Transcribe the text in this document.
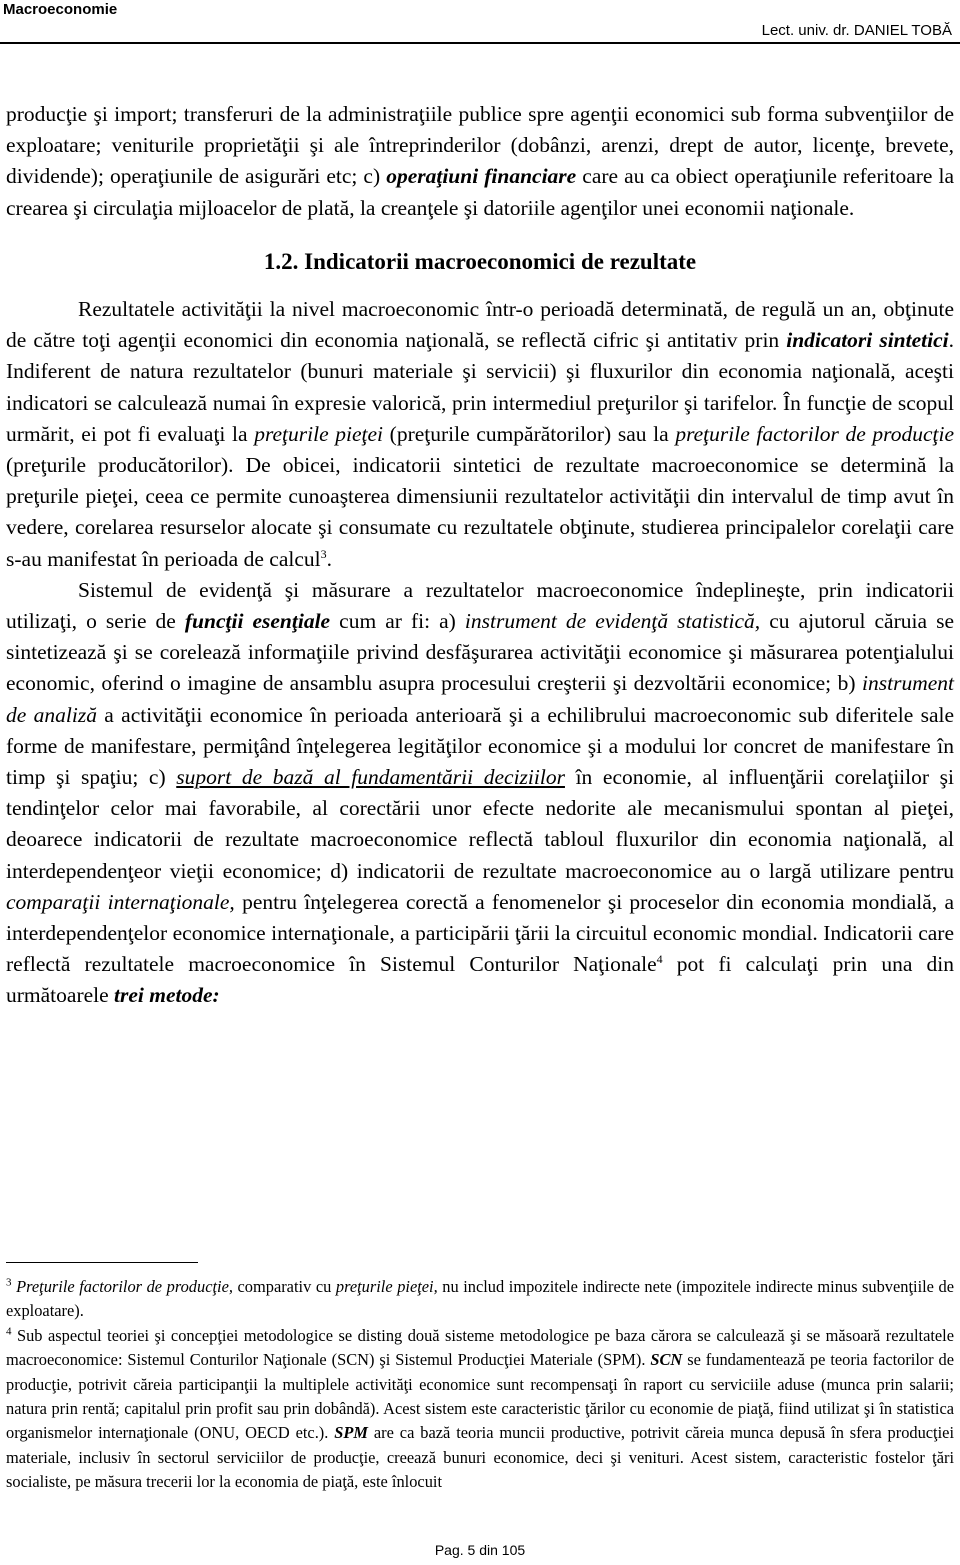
Macroeconomie
Lect. univ. dr. DANIEL TOBĂ

producţie şi import; transferuri de la administraţiile publice spre agenţii economici sub forma subvenţiilor de exploatare; veniturile proprietăţii şi ale întreprinderilor (dobânzi, arenzi, drept de autor, licenţe, brevete, dividende); operaţiunile de asigurări etc; c) operaţiuni financiare care au ca obiect operaţiunile referitoare la crearea şi circulaţia mijloacelor de plată, la creanţele şi datoriile agenţilor unei economii naţionale.

1.2. Indicatorii macroeconomici de rezultate

Rezultatele activităţii la nivel macroeconomic într-o perioadă determinată, de regulă un an, obţinute de către toţi agenţii economici din economia naţională, se reflectă cifric şi antitativ prin indicatori sintetici. Indiferent de natura rezultatelor (bunuri materiale şi servicii) şi fluxurilor din economia naţională, aceşti indicatori se calculează numai în expresie valorică, prin intermediul preţurilor şi tarifelor. În funcţie de scopul urmărit, ei pot fi evaluaţi la preţurile pieţei (preţurile cumpărătorilor) sau la preţurile factorilor de producţie (preţurile producătorilor). De obicei, indicatorii sintetici de rezultate macroeconomice se determină la preţurile pieţei, ceea ce permite cunoaşterea dimensiunii rezultatelor activităţii din intervalul de timp avut în vedere, corelarea resurselor alocate şi consumate cu rezultatele obţinute, studierea principalelor corelaţii care s-au manifestat în perioada de calcul$^3$.

Sistemul de evidenţă şi măsurare a rezultatelor macroeconomice îndeplineşte, prin indicatorii utilizaţi, o serie de funcţii esenţiale cum ar fi: a) instrument de evidenţă statistică, cu ajutorul căruia se sintetizează şi se corelează informaţiile privind desfăşurarea activităţii economice şi măsurarea potenţialului economic, oferind o imagine de ansamblu asupra procesului creşterii şi dezvoltării economice; b) instrument de analiză a activităţii economice în perioada anterioară şi a echilibrului macroeconomic sub diferitele sale forme de manifestare, permiţând înţelegerea legităţilor economice şi a modului lor concret de manifestare în timp şi spaţiu; c) suport de bază al fundamentării deciziilor în economie, al influenţării corelaţiilor şi tendinţelor celor mai favorabile, al corectării unor efecte nedorite ale mecanismului spontan al pieţei, deoarece indicatorii de rezultate macroeconomice reflectă tabloul fluxurilor din economia naţională, al interdependenţeor vieţii economice; d) indicatorii de rezultate macroeconomice au o largă utilizare pentru comparaţii internaţionale, pentru înţelegerea corectă a fenomenelor şi proceselor din economia mondială, a interdependenţelor economice internaţionale, a participării ţării la circuitul economic mondial. Indicatorii care reflectă rezultatele macroeconomice în Sistemul Conturilor Naţionale$^4$ pot fi calculaţi prin una din următoarele trei metode:

$^3$ Preţurile factorilor de producţie, comparativ cu preţurile pieţei, nu includ impozitele indirecte nete (impozitele indirecte minus subvenţiile de exploatare).

$^4$ Sub aspectul teoriei şi concepţiei metodologice se disting două sisteme metodologice pe baza cărora se calculează şi se măsoară rezultatele macroeconomice: Sistemul Conturilor Naţionale (SCN) şi Sistemul Producţiei Materiale (SPM). SCN se fundamentează pe teoria factorilor de producţie, potrivit căreia participanţii la multiplele activităţi economice sunt recompensaţi în raport cu serviciile aduse (munca prin salarii; natura prin rentă; capitalul prin profit sau prin dobândă). Acest sistem este caracteristic ţărilor cu economie de piaţă, fiind utilizat şi în statistica organismelor internaţionale (ONU, OECD etc.). SPM are ca bază teoria muncii productive, potrivit căreia munca depusă în sfera producţiei materiale, inclusiv în sectorul serviciilor de producţie, creează bunuri economice, deci şi venituri. Acest sistem, caracteristic fostelor ţări socialiste, pe măsura trecerii lor la economia de piaţă, este înlocuit

Pag. 5 din 105
